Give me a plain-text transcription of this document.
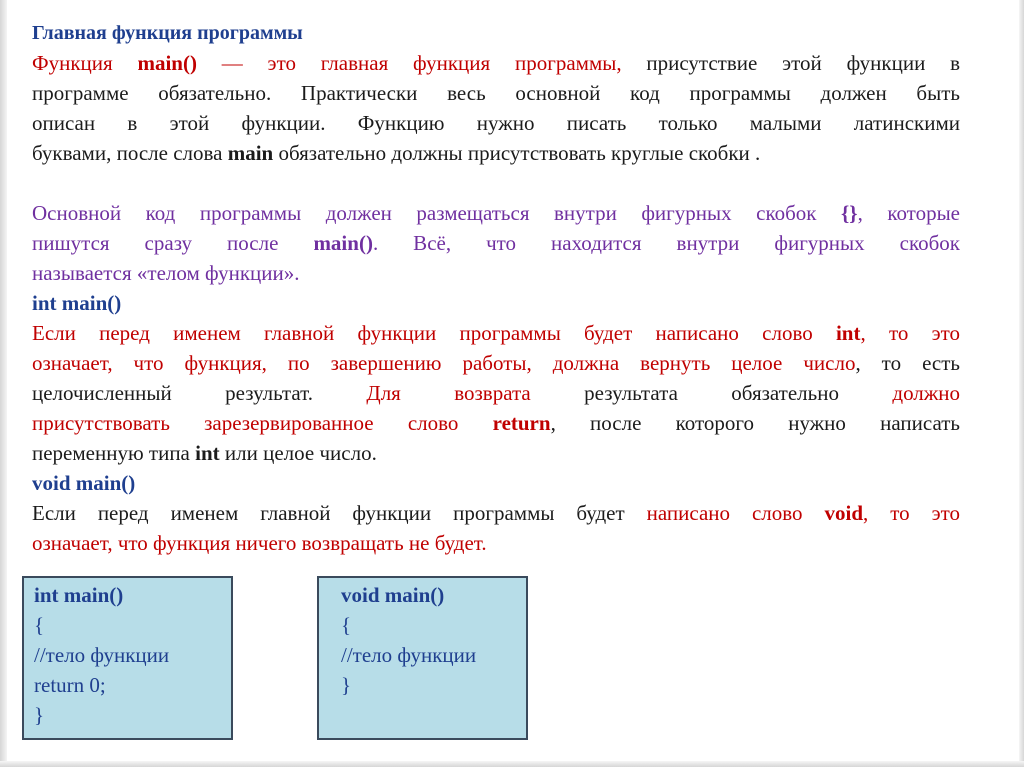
Главная функция программы
Функция main() — это главная функция программы, присутствие этой функции в
программе обязательно. Практически весь основной код программы должен быть
описан в этой функции. Функцию нужно писать только малыми латинскими
буквами, после слова main обязательно должны присутствовать круглые скобки .
Основной код программы должен размещаться внутри фигурных скобок {}, которые
пишутся сразу после main(). Всё, что находится внутри фигурных скобок
называется «телом функции».
int main()
Если перед именем главной функции программы будет написано слово int, то это
означает, что функция, по завершению работы, должна вернуть целое число, то есть
целочисленный результат.	Для возврата	результата обязательно	должно
присутствовать зарезервированное слово return, после которого нужно написать
переменную типа int или целое число.
void main()
Если перед именем главной функции программы будет написано слово void, то это
означает, что функция ничего возвращать не будет.
int main()
{
//тело функции
return 0;
}
void main()
{
//тело функции
}
